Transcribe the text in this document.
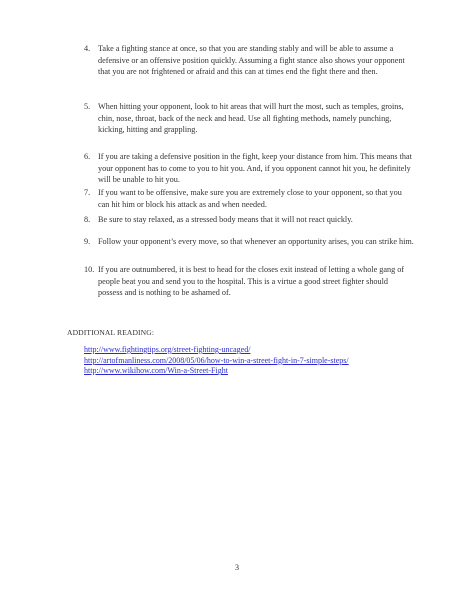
4. Take a fighting stance at once, so that you are standing stably and will be able to assume a defensive or an offensive position quickly. Assuming a fight stance also shows your opponent that you are not frightened or afraid and this can at times end the fight there and then.
5. When hitting your opponent, look to hit areas that will hurt the most, such as temples, groins, chin, nose, throat, back of the neck and head. Use all fighting methods, namely punching, kicking, hitting and grappling.
6. If you are taking a defensive position in the fight, keep your distance from him. This means that your opponent has to come to you to hit you. And, if you opponent cannot hit you, he definitely will be unable to hit you.
7. If you want to be offensive, make sure you are extremely close to your opponent, so that you can hit him or block his attack as and when needed.
8. Be sure to stay relaxed, as a stressed body means that it will not react quickly.
9. Follow your opponent’s every move, so that whenever an opportunity arises, you can strike him.
10. If you are outnumbered, it is best to head for the closes exit instead of letting a whole gang of people beat you and send you to the hospital. This is a virtue a good street fighter should possess and is nothing to be ashamed of.
ADDITIONAL READING:
http://www.fightingtips.org/street-fighting-uncaged/
http://artofmanliness.com/2008/05/06/how-to-win-a-street-fight-in-7-simple-steps/
http://www.wikihow.com/Win-a-Street-Fight
3
